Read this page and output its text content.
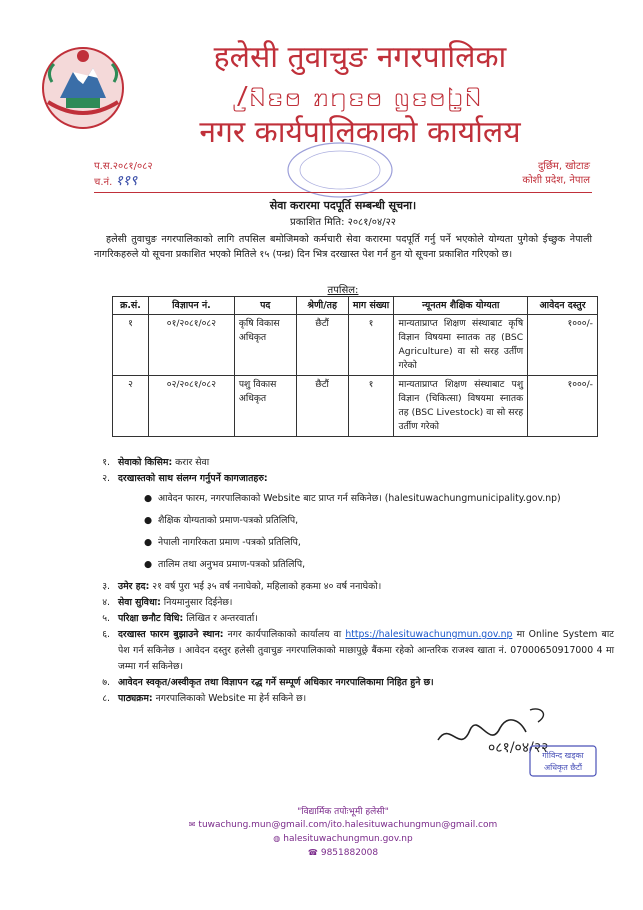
हलेसी तुवाचुङ नगरपालिका
ꤷ꤬ꤡꤢꤥ ꤊꤚꤢꤥ ꤜꤢꤥꤝ꤭ꤡ
नगर कार्यपालिकाको कार्यालय
प.स.२०८१/०८२
च.नं. ११९
दुर्छिम, खोटाङ
कोशी प्रदेश, नेपाल
सेवा करारमा पदपूर्ति सम्बन्धी सूचना।
प्रकाशित मिति: २०८१/०४/२२
हलेसी तुवाचुङ नगरपालिकाको लागि तपसिल बमोजिमको कर्मचारी सेवा करारमा पदपूर्ति गर्नु पर्ने भएकोले योग्यता पुगेको ईच्छुक नेपाली नागरिकहरुले यो सूचना प्रकाशित भएको मितिले १५ (पन्ध्र) दिन भित्र दरखास्त पेश गर्न हुन यो सूचना प्रकाशित गरिएको छ।
तपसिल:
क्र.सं.	विज्ञापन नं.	पद	श्रेणी/तह	माग संख्या	न्यूनतम शैक्षिक योग्यता	आवेदन दस्तुर
१	०१/२०८१/०८२	कृषि विकास अधिकृत	छैटौं	१	मान्यताप्राप्त शिक्षण संस्थाबाट कृषि विज्ञान विषयमा स्नातक तह (BSC Agriculture) वा सो सरह उर्तीण गरेको	१०००/-
२	०२/२०८१/०८२	पशु विकास अधिकृत	छैटौं	१	मान्यताप्राप्त शिक्षण संस्थाबाट पशु विज्ञान (चिकित्सा) विषयमा स्नातक तह (BSC Livestock) वा सो सरह उर्तीण गरेको	१०००/-
१. सेवाको किसिम: करार सेवा
२. दरखास्तको साथ संलग्न गर्नुपर्ने कागजातहरु:
● आवेदन फारम, नगरपालिकाको Website बाट प्राप्त गर्न सकिनेछ। (halesituwachungmunicipality.gov.np)
● शैक्षिक योग्यताको प्रमाण-पत्रको प्रतिलिपि,
● नेपाली नागरिकता प्रमाण -पत्रको प्रतिलिपि,
● तालिम तथा अनुभव प्रमाण-पत्रको प्रतिलिपि,
३. उमेर हद: २१ वर्ष पुरा भई ३५ वर्ष ननाघेको, महिलाको हकमा ४० वर्ष ननाघेको।
४. सेवा सुविधा: नियमानुसार दिईनेछ।
५. परिक्षा छनौट विधि: लिखित र अन्तरवार्ता।
६. दरखास्त फारम बुझाउने स्थान: नगर कार्यपालिकाको कार्यालय वा https://halesituwachungmun.gov.np मा Online System बाट पेश गर्न सकिनेछ । आवेदन दस्तुर हलेसी तुवाचुङ नगरपालिकाको माछापुछ्रे बैंकमा रहेको आन्तरिक राजश्व खाता नं. 07000650917000 4 मा जम्मा गर्न सकिनेछ।
७. आवेदन स्वकृत/अस्वीकृत तथा विज्ञापन रद्ध गर्ने सम्पूर्ण अधिकार नगरपालिकामा निहित हुने छ।
८. पाठ्यक्रम: नगरपालिकाको Website मा हेर्न सकिने छ।
०८१/०४/२२
गोविन्द खड्का
अधिकृत छैटौं
"विद्यार्मिक तपोःभूमी हलेसी"
✉ tuwachung.mun@gmail.com/ito.halesituwachungmun@gmail.com
◍ halesituwachungmun.gov.np
☎ 9851882008
